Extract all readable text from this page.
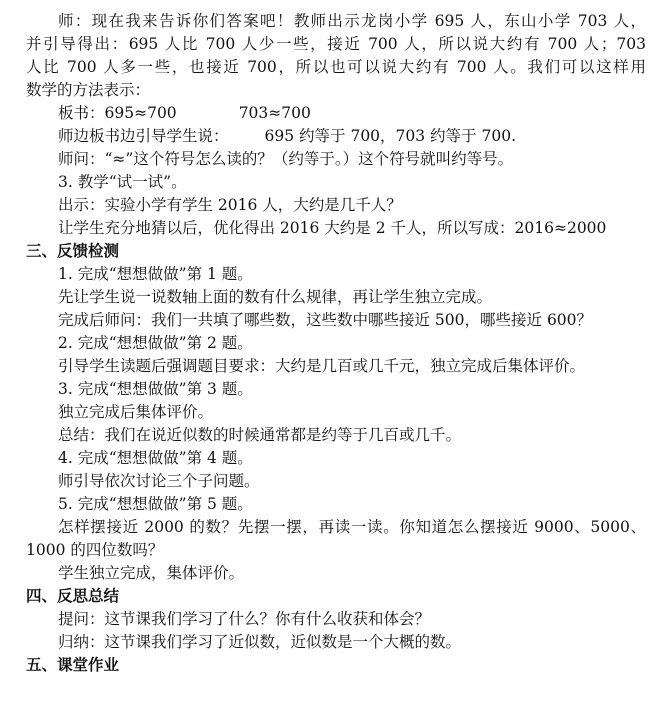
师：现在我来告诉你们答案吧！教师出示龙岗小学 695 人，东山小学 703 人，

并引导得出：695 人比 700 人少一些，接近 700 人，所以说大约有 700 人；703

人比 700 人多一些，也接近 700，所以也可以说大约有 700 人。我们可以这样用

数学的方法表示：

板书：695≈700	703≈700

师边板书边引导学生说： 695 约等于 700，703 约等于 700.

师问：“≈”这个符号怎么读的？（约等于。）这个符号就叫约等号。

3. 教学“试一试”。

出示：实验小学有学生 2016 人，大约是几千人？

让学生充分地猜以后，优化得出 2016 大约是 2 千人，所以写成：2016≈2000

三、反馈检测

1. 完成“想想做做”第 1 题。

先让学生说一说数轴上面的数有什么规律，再让学生独立完成。

完成后师问：我们一共填了哪些数，这些数中哪些接近 500，哪些接近 600？

2. 完成“想想做做”第 2 题。

引导学生读题后强调题目要求：大约是几百或几千元，独立完成后集体评价。

3. 完成“想想做做”第 3 题。

独立完成后集体评价。

总结：我们在说近似数的时候通常都是约等于几百或几千。

4. 完成“想想做做”第 4 题。

师引导依次讨论三个子问题。

5. 完成“想想做做”第 5 题。

怎样摆接近 2000 的数？先摆一摆，再读一读。你知道怎么摆接近 9000、5000、

1000 的四位数吗？

学生独立完成，集体评价。

四、反思总结

提问：这节课我们学习了什么？你有什么收获和体会？

归纳：这节课我们学习了近似数，近似数是一个大概的数。

五、课堂作业
